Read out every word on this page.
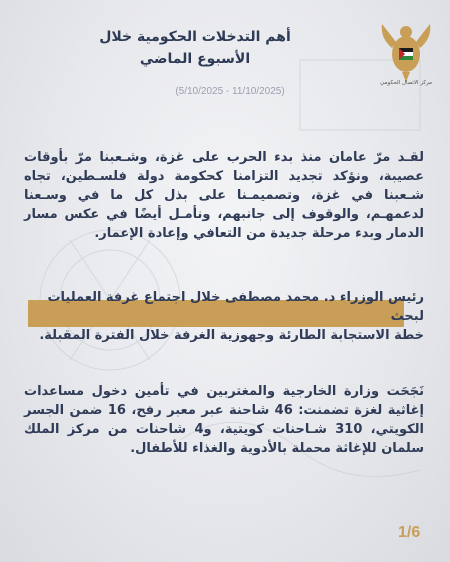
مركز الاتصال الحكومي
أهم التدخلات الحكومية خلال
الأسبوع الماضي
(5/10/2025 - 11/10/2025)
لقـد مرّ عامان منذ بدء الحرب على غزة، وشـعبنا مرّ بأوقات عصيبة، ونؤكد تجديد التزامنا كحكومة دولة فلسـطين، تجاه شـعبنا في غزة، وتصميمـنا على بذل كل ما في وسـعنا لدعمهـم، والوقوف إلى جانبهم، ونأمـل أيضًا في عكس مسار الدمار وبدء مرحلة جديدة من التعافي وإعادة الإعمار.
رئيس الوزراء د. محمد مصطفى خلال اجتماع غرفة العمليات لبحث
خطة الاستجابة الطارئة وجهوزية الغرفة خلال الفترة المقبلة.
نَجَحَت وزارة الخارجية والمغتربين في تأمين دخول مساعدات إغاثية لغزة تضمنت: 46 شاحنة عبر معبر رفح، 16 ضمن الجسر الكويتي، 310 شـاحنات كويتية، و4 شاحنات من مركز الملك سلمان للإغاثة محملة بالأدوية والغذاء للأطفال.
1/6
